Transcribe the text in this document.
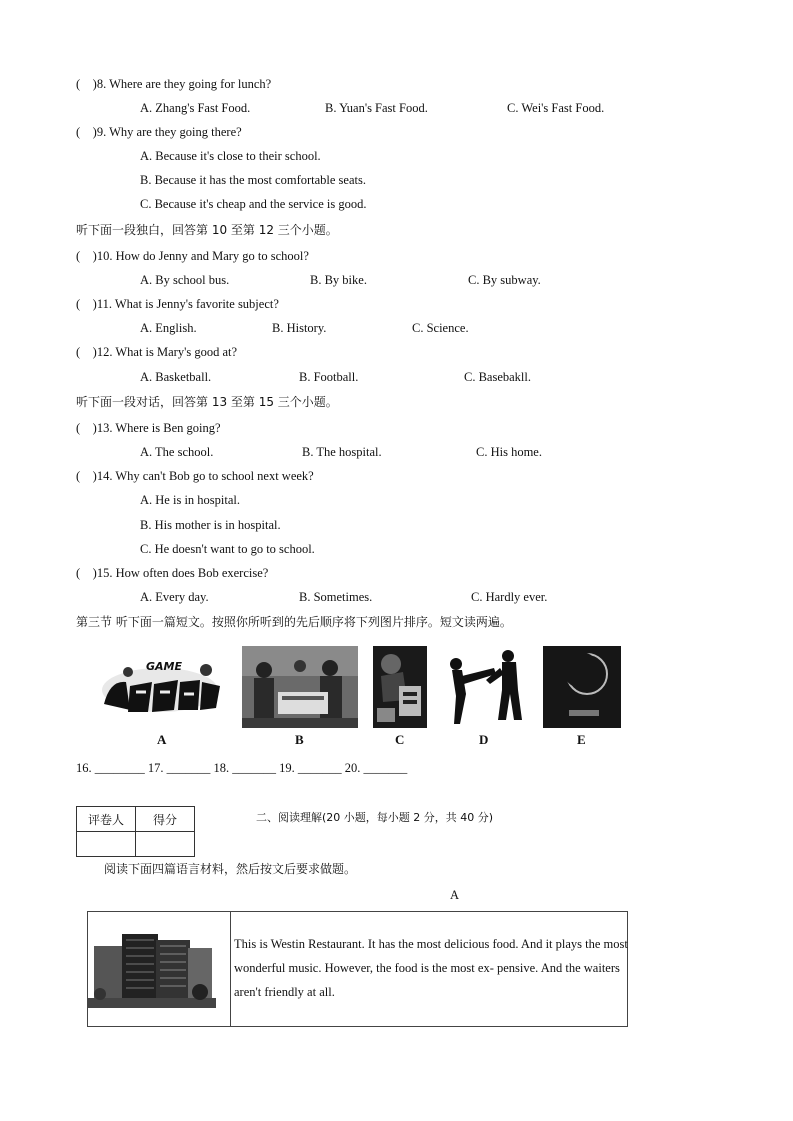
(　)8. Where are they going for lunch?
A. Zhang's Fast Food.	B. Yuan's Fast Food.	C. Wei's Fast Food.
(　)9. Why are they going there?
A. Because it's close to their school.
B. Because it has the most comfortable seats.
C. Because it's cheap and the service is good.
听下面一段独白，回答第 10 至第 12 三个小题。
(　)10. How do Jenny and Mary go to school?
A. By school bus.	B. By bike.	C. By subway.
(　)11. What is Jenny's favorite subject?
A. English.	B. History.	C. Science.
(　)12. What is Mary's good at?
A. Basketball.	B. Football.	C. Basebakll.
听下面一段对话，回答第 13 至第 15 三个小题。
(　)13. Where is Ben going?
A. The school.	B. The hospital.	C. His home.
(　)14. Why can't Bob go to school next week?
A. He is in hospital.
B. His mother is in hospital.
C. He doesn't want to go to school.
(　)15. How often does Bob exercise?
A. Every day.	B. Sometimes.	C. Hardly ever.
第三节 听下面一篇短文。按照你所听到的先后顺序将下列图片排序。短文读两遍。
GAME
A	B	C	D	E
16. ________ 17. _______ 18. _______ 19. _______ 20. _______
评卷人	得分
		二、阅读理解(20 小题，每小题 2 分，共 40 分)
阅读下面四篇语言材料，然后按文后要求做题。
A
This is Westin Restaurant. It has the most delicious food. And it plays the most wonderful music. However, the food is the most ex- pensive. And the waiters aren't friendly at all.
